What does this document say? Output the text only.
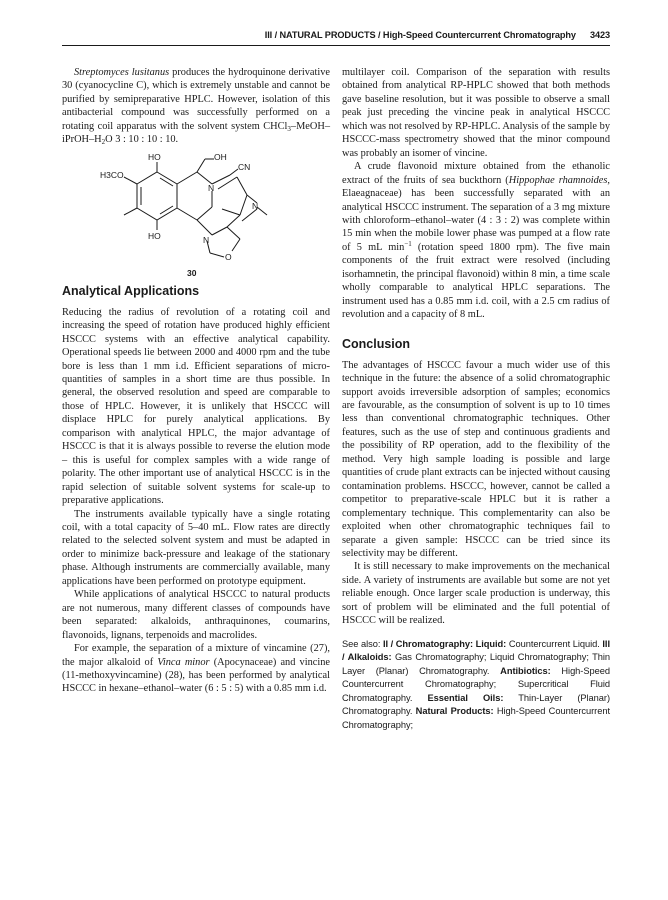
III / NATURAL PRODUCTS / High-Speed Countercurrent Chromatography 3423

Streptomyces lusitanus produces the hydroquinone derivative 30 (cyanocycline C), which is extremely unstable and cannot be purified by semipreparative HPLC. However, isolation of this antibacterial compound was successfully performed on a rotating coil apparatus with the solvent system $CHCl_3-MeOH-iPrOH-H_2O$ 3 : 10 : 10 : 10.

HO	OH
CN
H3CO
N
N
HO	N
O
30
Analytical Applications

Reducing the radius of revolution of a rotating coil and increasing the speed of rotation have produced highly efficient HSCCC systems with an effective analytical capability. Operational speeds lie between 2000 and 4000 rpm and the tube bore is less than 1 mm i.d. Efficient separations of micro-quantities of samples in a short time are thus possible. In general, the observed resolution and speed are comparable to those of HPLC. However, it is unlikely that HSCCC will displace HPLC for purely analytical applications. By comparison with analytical HPLC, the major advantage of HSCCC is that it is always possible to reverse the elution mode – this is useful for complex samples with a wide range of polarity. The other important use of analytical HSCCC is in the rapid selection of suitable solvent systems for scale-up to preparative applications.

The instruments available typically have a single rotating coil, with a total capacity of 5–40 mL. Flow rates are directly related to the selected solvent system and must be adapted in order to minimize back-pressure and leakage of the stationary phase. Although instruments are commercially available, many applications have been performed on prototype equipment.

While applications of analytical HSCCC to natural products are not numerous, many different classes of compounds have been separated: alkaloids, anthraquinones, coumarins, flavonoids, lignans, terpenoids and macrolides.

For example, the separation of a mixture of vincamine (27), the major alkaloid of Vinca minor (Apocynaceae) and vincine (11-methoxyvincamine) (28), has been performed by analytical HSCCC in hexane–ethanol–water (6 : 5 : 5) with a 0.85 mm i.d.

multilayer coil. Comparison of the separation with results obtained from analytical RP-HPLC showed that both methods gave baseline resolution, but it was possible to observe a small peak just preceding the vincine peak in analytical HSCCC which was not resolved by RP-HPLC. Analysis of the sample by HSCCC-mass spectrometry showed that the minor compound was probably an isomer of vincine.

A crude flavonoid mixture obtained from the ethanolic extract of the fruits of sea buckthorn (Hippophae rhamnoides, Elaeagnaceae) has been successfully separated with an analytical HSCCC instrument. The separation of a 3 mg mixture with chloroform–ethanol–water (4 : 3 : 2) was complete within 15 min when the mobile lower phase was pumped at a flow rate of 5 mL $\min^{-1}$ (rotation speed 1800 rpm). The five main components of the fruit extract were resolved (including isorhamnetin, the principal flavonoid) within 8 min, a time scale wholly comparable to analytical HPLC separations. The instrument used has a 0.85 mm i.d. coil, with a 2.5 cm radius of revolution and a capacity of 8 mL.

Conclusion

The advantages of HSCCC favour a much wider use of this technique in the future: the absence of a solid chromatographic support avoids irreversible adsorption of samples; economics are favourable, as the consumption of solvent is up to 10 times less than conventional chromatographic techniques. Other features, such as the use of step and continuous gradients and the possibility of RP operation, add to the flexibility of the method. Very high sample loading is possible and large quantities of crude plant extracts can be injected without causing contamination problems. HSCCC, however, cannot be called a competitor to preparative-scale HPLC but it is rather a complementary technique. This complementarity can also be exploited when other chromatographic techniques fail to separate a given sample: HSCCC can be tried since its selectivity may be different.

It is still necessary to make improvements on the mechanical side. A variety of instruments are available but some are not yet reliable enough. Once larger scale production is underway, this sort of problem will be eliminated and the full potential of HSCCC will be realized.

See also: II / Chromatography: Liquid: Countercurrent Liquid. III / Alkaloids: Gas Chromatography; Liquid Chromatography; Thin Layer (Planar) Chromatography. Antibiotics: High-Speed Countercurrent Chromatography; Supercritical Fluid Chromatography. Essential Oils: Thin-Layer (Planar) Chromatography. Natural Products: High-Speed Countercurrent Chromatography;
